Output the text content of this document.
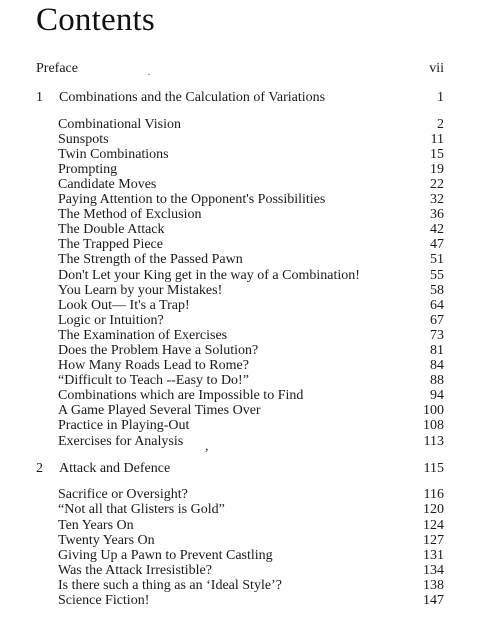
Contents
Preface	vii
·
1 Combinations and the Calculation of Variations	1
Combinational Vision	2
Sunspots	11
Twin Combinations	15
Prompting	19
Candidate Moves	22
Paying Attention to the Opponent's Possibilities	32
The Method of Exclusion	36
The Double Attack	42
The Trapped Piece	47
The Strength of the Passed Pawn	51
Don't Let your King get in the way of a Combination!	55
You Learn by your Mistakes!	58
Look Out— It's a Trap!	64
Logic or Intuition?	67
The Examination of Exercises	73
Does the Problem Have a Solution?	81
How Many Roads Lead to Rome?	84
“Difficult to Teach --Easy to Do!”	88
Combinations which are Impossible to Find	94
A Game Played Several Times Over	100
Practice in Playing-Out	108
Exercises for Analysis	113
,
2 Attack and Defence	115
Sacrifice or Oversight?	116
“Not all that Glisters is Gold”	120
Ten Years On	124
Twenty Years On	127
Giving Up a Pawn to Prevent Castling	131
Was the Attack Irresistible?	134
Is there such a thing as an ‘Ideal Style’?	138
Science Fiction!	147
